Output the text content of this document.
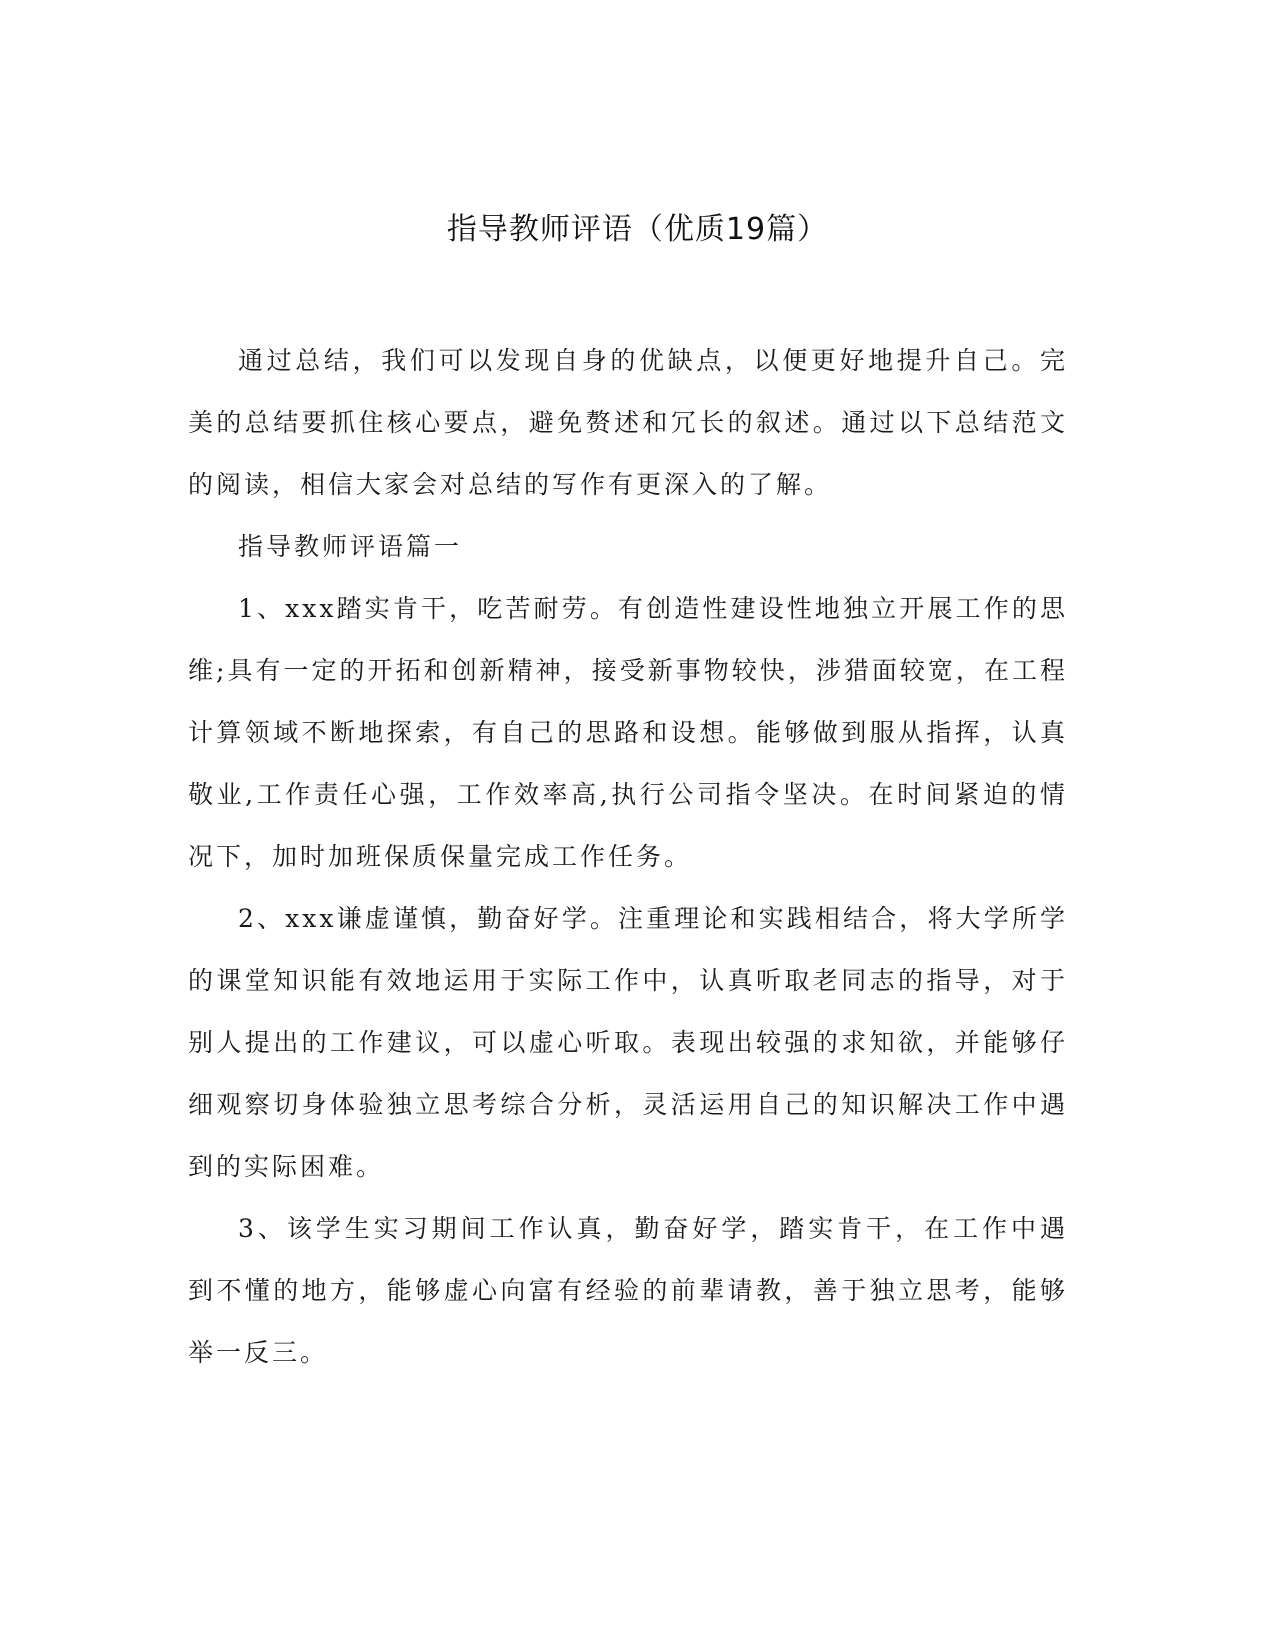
指导教师评语（优质19篇）

通过总结，我们可以发现自身的优缺点，以便更好地提升自己。完美的总结要抓住核心要点，避免赘述和冗长的叙述。通过以下总结范文的阅读，相信大家会对总结的写作有更深入的了解。

指导教师评语篇一

1、xxx踏实肯干，吃苦耐劳。有创造性建设性地独立开展工作的思维;具有一定的开拓和创新精神，接受新事物较快，涉猎面较宽，在工程计算领域不断地探索，有自己的思路和设想。能够做到服从指挥，认真敬业,工作责任心强，工作效率高,执行公司指令坚决。在时间紧迫的情况下，加时加班保质保量完成工作任务。

2、xxx谦虚谨慎，勤奋好学。注重理论和实践相结合，将大学所学的课堂知识能有效地运用于实际工作中，认真听取老同志的指导，对于别人提出的工作建议，可以虚心听取。表现出较强的求知欲，并能够仔细观察切身体验独立思考综合分析，灵活运用自己的知识解决工作中遇到的实际困难。

3、该学生实习期间工作认真，勤奋好学，踏实肯干，在工作中遇到不懂的地方，能够虚心向富有经验的前辈请教，善于独立思考，能够举一反三。
